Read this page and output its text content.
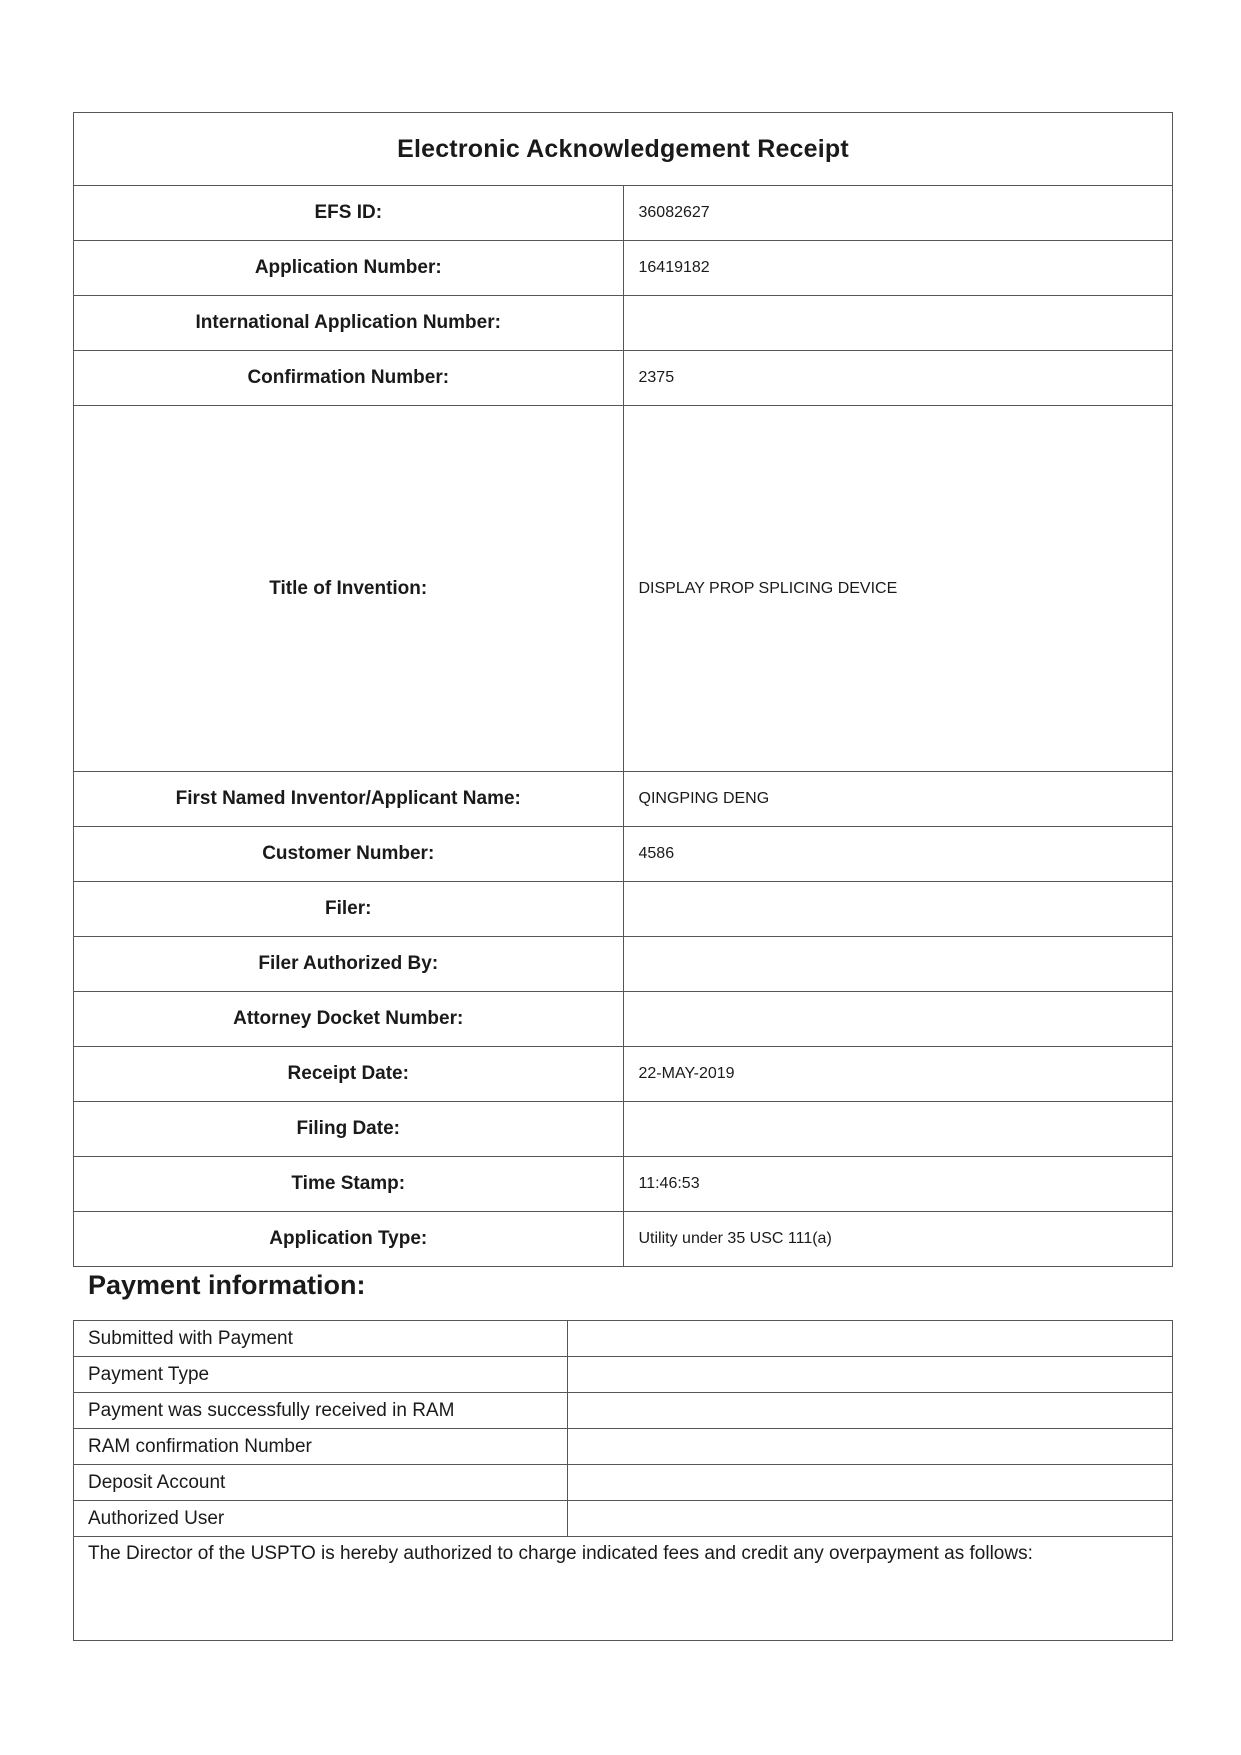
Electronic Acknowledgement Receipt	
EFS ID:	36082627
Application Number:	16419182
International Application Number:	
Confirmation Number:	2375
Title of Invention:	DISPLAY PROP SPLICING DEVICE
First Named Inventor/Applicant Name:	QINGPING DENG
Customer Number:	4586
Filer:	
Filer Authorized By:	
Attorney Docket Number:	
Receipt Date:	22-MAY-2019
Filing Date:	
Time Stamp:	11:46:53
Application Type:	Utility under 35 USC 111(a)
Payment information:
Submitted with Payment	
Payment Type	
Payment was successfully received in RAM	
RAM confirmation Number	
Deposit Account	
Authorized User	
The Director of the USPTO is hereby authorized to charge indicated fees and credit any overpayment as follows:	
